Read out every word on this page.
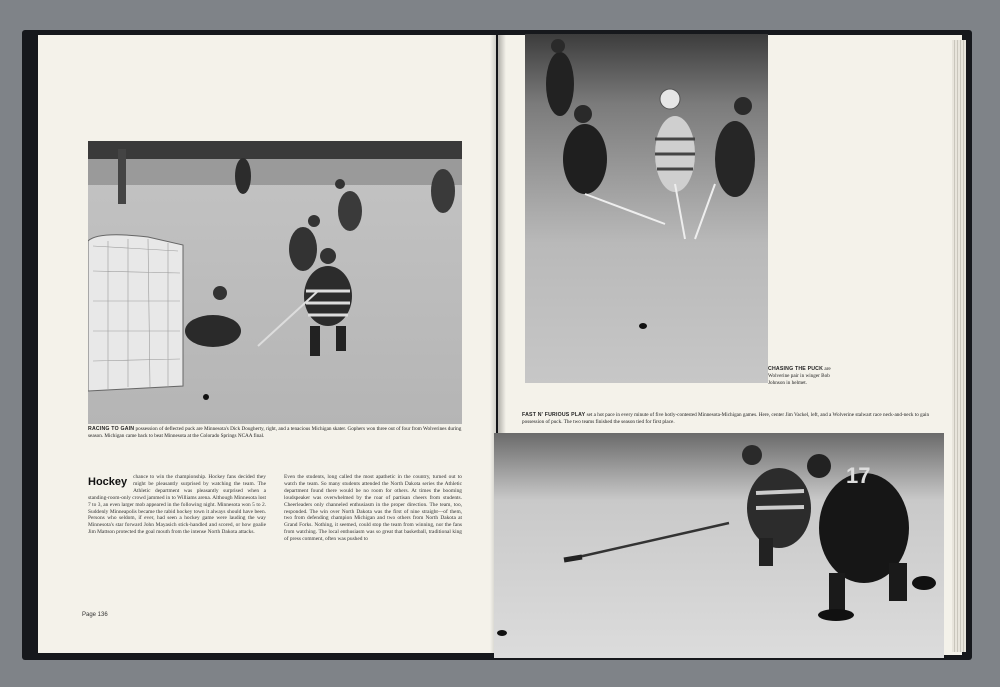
17
RACING TO GAIN possession of deflected puck are Minnesota's Dick Dougherty, right, and a tenacious Michigan skater. Gophers won three out of four from Wolverines during season. Michigan came back to beat Minnesota at the Colorado Springs NCAA final.
CHASING THE PUCK are Wolverine pair in winger Bob Johnson in helmet.
FAST N' FURIOUS PLAY set a hot pace in every minute of five hotly-contested Minnesota-Michigan games. Here, center Jim Vackel, left, and a Wolverine stalwart race neck-and-neck to gain possession of puck. The two teams finished the season tied for first place.
Hockey chance to win the championship. Hockey fans decided they might be pleasantly surprised by watching the team. The Athletic department was pleasantly surprised when a standing-room-only crowd jammed in to Williams arena. Although Minnesota lost 7 to 3, an even larger mob appeared in the following night. Minnesota won 5 to 2. Suddenly Minneapolis became the rabid hockey town it always should have been. Persons who seldom, if ever, had seen a hockey game were lauding the way Minnesota's star forward John Mayasich stick-handled and scored, or how goalie Jim Mattson protected the goal mouth from the intense North Dakota attacks.
Even the students, long called the most apathetic in the country, turned out to watch the team. So many students attended the North Dakota series the Athletic department found there would be no room for others. At times the booming loudspeaker was overwhelmed by the roar of partisan cheers from students. Cheerleaders only channeled enthusiasm in the proper direction. The team, too, responded. The win over North Dakota was the first of nine straight—of them, two from defending champion Michigan and two others from North Dakota at Grand Forks. Nothing, it seemed, could stop the team from winning, nor the fans from watching. The local enthusiasm was so great that basketball, traditional king of press comment, often was pushed to
Page 136
